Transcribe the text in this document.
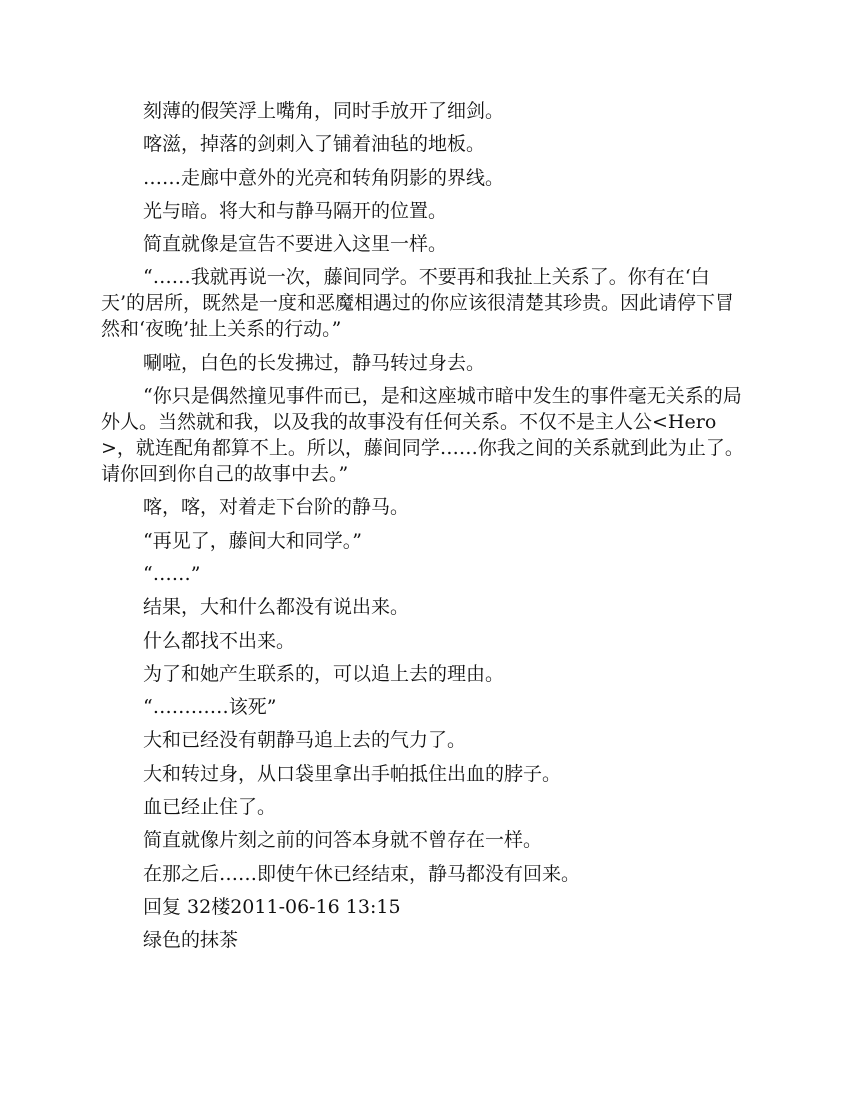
刻薄的假笑浮上嘴角，同时手放开了细剑。

喀滋，掉落的剑刺入了铺着油毡的地板。

……走廊中意外的光亮和转角阴影的界线。

光与暗。将大和与静马隔开的位置。

简直就像是宣告不要进入这里一样。

“……我就再说一次，藤间同学。不要再和我扯上关系了。你有在‘白天’的居所，既然是一度和恶魔相遇过的你应该很清楚其珍贵。因此请停下冒然和‘夜晚’扯上关系的行动。”

唰啦，白色的长发拂过，静马转过身去。

“你只是偶然撞见事件而已，是和这座城市暗中发生的事件毫无关系的局外人。当然就和我，以及我的故事没有任何关系。不仅不是主人公<Hero>，就连配角都算不上。所以，藤间同学……你我之间的关系就到此为止了。请你回到你自己的故事中去。”

喀，喀，对着走下台阶的静马。

“再见了，藤间大和同学。”

“……”

结果，大和什么都没有说出来。

什么都找不出来。

为了和她产生联系的，可以追上去的理由。

“…………该死”

大和已经没有朝静马追上去的气力了。

大和转过身，从口袋里拿出手帕抵住出血的脖子。

血已经止住了。

简直就像片刻之前的问答本身就不曾存在一样。

在那之后……即使午休已经结束，静马都没有回来。

回复 32楼2011-06-16 13:15

绿色的抹茶
